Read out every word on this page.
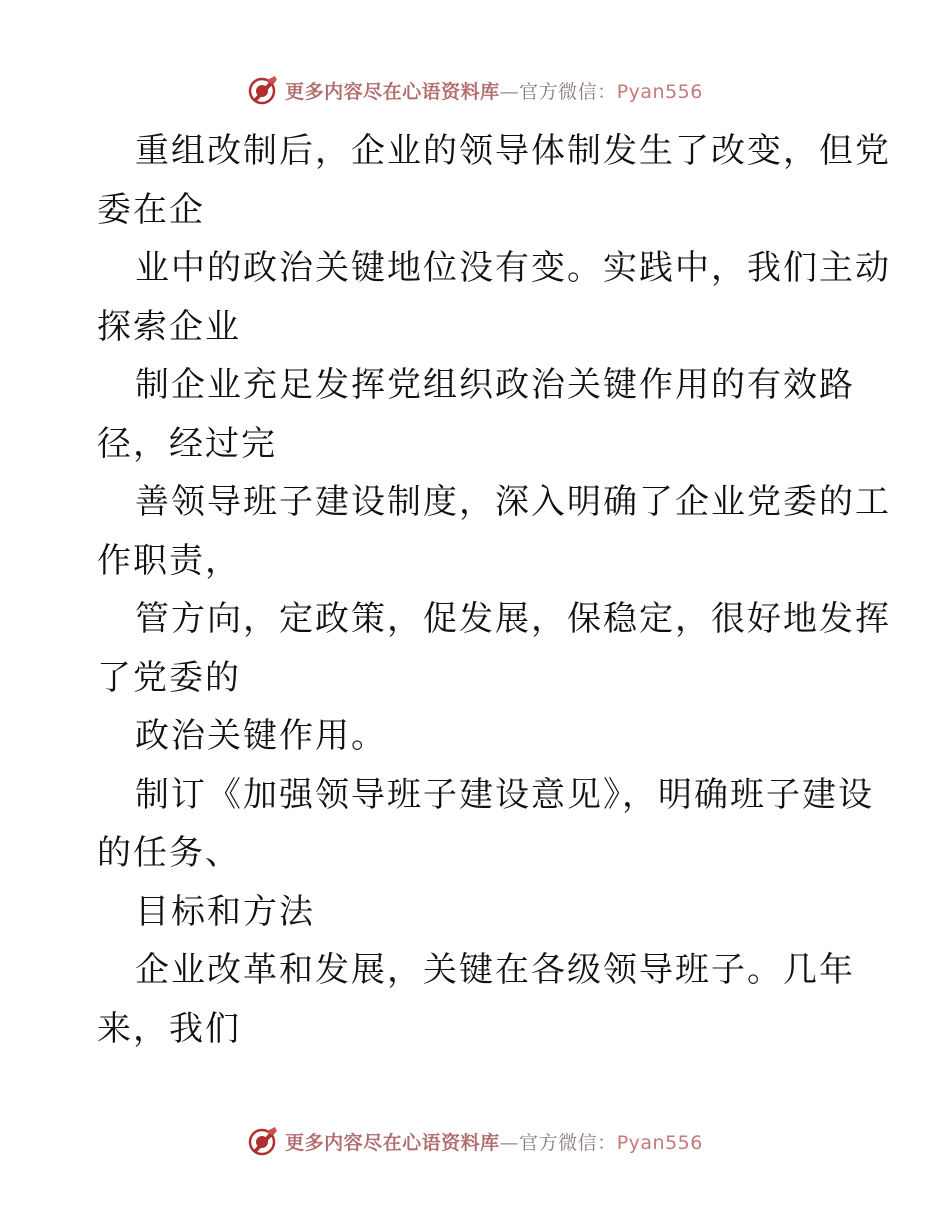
更多内容尽在心语资料库—官方微信：Pyan556
重组改制后，企业的领导体制发生了改变，但党
委在企
业中的政治关键地位没有变。实践中，我们主动
探索企业
制企业充足发挥党组织政治关键作用的有效路
径，经过完
善领导班子建设制度，深入明确了企业党委的工
作职责，
管方向，定政策，促发展，保稳定，很好地发挥
了党委的
政治关键作用。
制订《加强领导班子建设意见》，明确班子建设
的任务、
目标和方法
企业改革和发展，关键在各级领导班子。几年
来，我们
更多内容尽在心语资料库—官方微信：Pyan556
